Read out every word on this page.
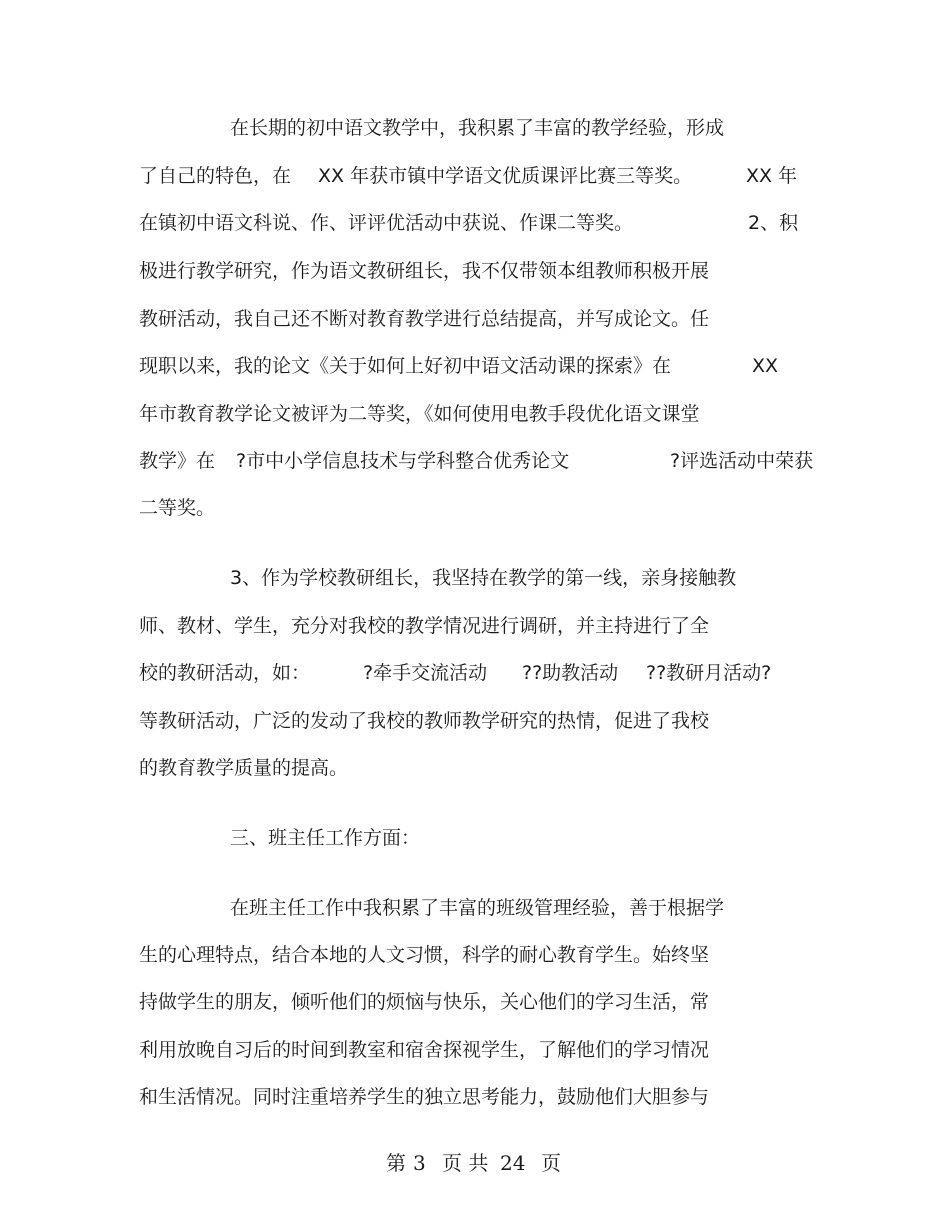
在长期的初中语文教学中，我积累了丰富的教学经验，形成
了自己的特色，在 XX 年获市镇中学语文优质课评比赛三等奖。	XX 年
在镇初中语文科说、作、评评优活动中获说、作课二等奖。	2、积
极进行教学研究，作为语文教研组长，我不仅带领本组教师积极开展
教研活动，我自己还不断对教育教学进行总结提高，并写成论文。任
现职以来，我的论文《关于如何上好初中语文活动课的探索》在	XX
年市教育教学论文被评为二等奖，《如何使用电教手段优化语文课堂
教学》在 ?市中小学信息技术与学科整合优秀论文	?评选活动中荣获
二等奖。
3、作为学校教研组长，我坚持在教学的第一线，亲身接触教
师、教材、学生，充分对我校的教学情况进行调研，并主持进行了全
校的教研活动，如：	?牵手交流活动 ??助教活动 ??教研月活动?
等教研活动，广泛的发动了我校的教师教学研究的热情，促进了我校
的教育教学质量的提高。
三、班主任工作方面：
在班主任工作中我积累了丰富的班级管理经验，善于根据学
生的心理特点，结合本地的人文习惯，科学的耐心教育学生。始终坚
持做学生的朋友，倾听他们的烦恼与快乐，关心他们的学习生活，常
利用放晚自习后的时间到教室和宿舍探视学生，了解他们的学习情况
和生活情况。同时注重培养学生的独立思考能力，鼓励他们大胆参与
第 3 页 共 24 页
